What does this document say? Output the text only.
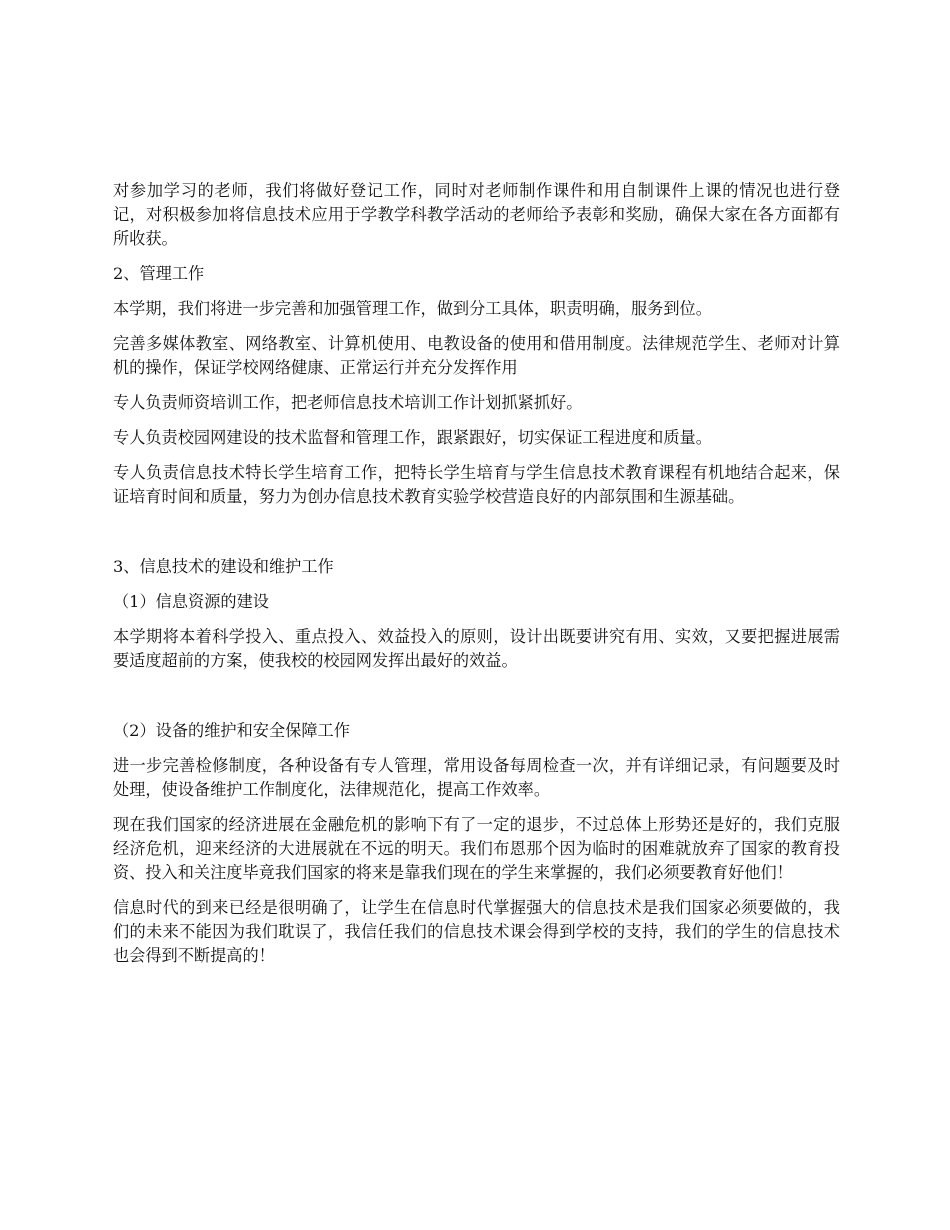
对参加学习的老师，我们将做好登记工作，同时对老师制作课件和用自制课件上课的情况也进行登记，对积极参加将信息技术应用于学教学科教学活动的老师给予表彰和奖励，确保大家在各方面都有所收获。

2、管理工作

本学期，我们将进一步完善和加强管理工作，做到分工具体，职责明确，服务到位。

完善多媒体教室、网络教室、计算机使用、电教设备的使用和借用制度。法律规范学生、老师对计算机的操作，保证学校网络健康、正常运行并充分发挥作用

专人负责师资培训工作，把老师信息技术培训工作计划抓紧抓好。

专人负责校园网建设的技术监督和管理工作，跟紧跟好，切实保证工程进度和质量。

专人负责信息技术特长学生培育工作，把特长学生培育与学生信息技术教育课程有机地结合起来，保证培育时间和质量，努力为创办信息技术教育实验学校营造良好的内部氛围和生源基础。

3、信息技术的建设和维护工作

（1）信息资源的建设

本学期将本着科学投入、重点投入、效益投入的原则，设计出既要讲究有用、实效，又要把握进展需要适度超前的方案，使我校的校园网发挥出最好的效益。

（2）设备的维护和安全保障工作

进一步完善检修制度，各种设备有专人管理，常用设备每周检查一次，并有详细记录，有问题要及时处理，使设备维护工作制度化，法律规范化，提高工作效率。

现在我们国家的经济进展在金融危机的影响下有了一定的退步，不过总体上形势还是好的，我们克服经济危机，迎来经济的大进展就在不远的明天。我们布恩那个因为临时的困难就放弃了国家的教育投资、投入和关注度毕竟我们国家的将来是靠我们现在的学生来掌握的，我们必须要教育好他们！

信息时代的到来已经是很明确了，让学生在信息时代掌握强大的信息技术是我们国家必须要做的，我们的未来不能因为我们耽误了，我信任我们的信息技术课会得到学校的支持，我们的学生的信息技术也会得到不断提高的！
